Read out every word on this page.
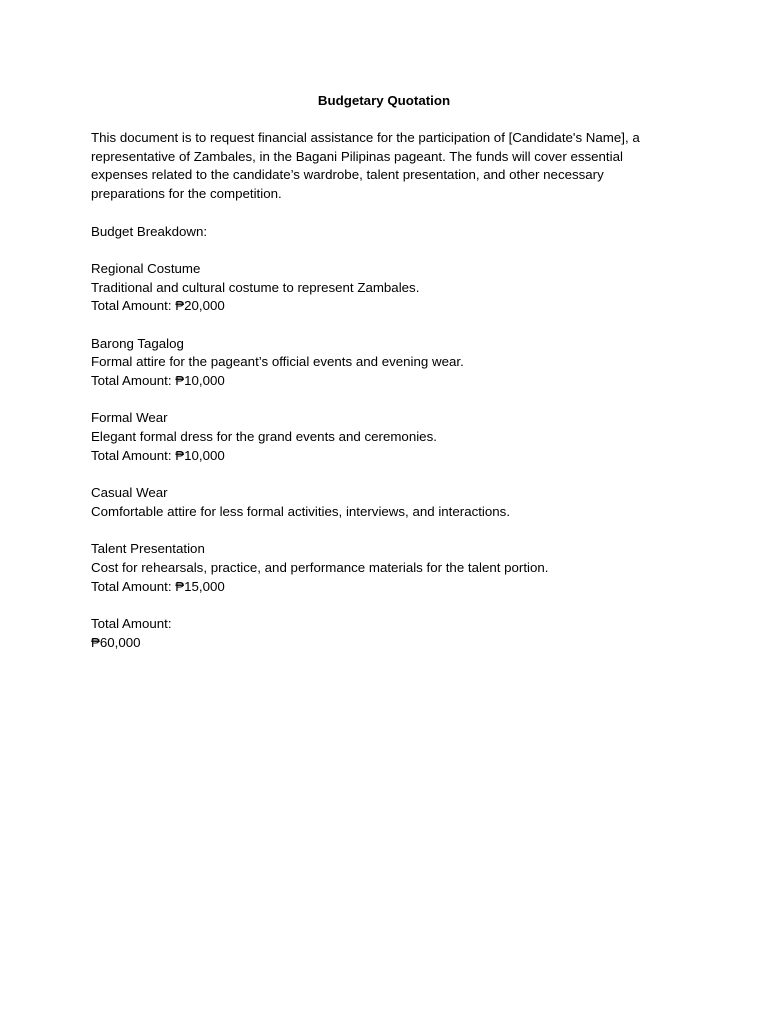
Budgetary Quotation

This document is to request financial assistance for the participation of [Candidate's Name], a
representative of Zambales, in the Bagani Pilipinas pageant. The funds will cover essential
expenses related to the candidate’s wardrobe, talent presentation, and other necessary
preparations for the competition.

Budget Breakdown:

Regional Costume
Traditional and cultural costume to represent Zambales.
Total Amount: ₱20,000
Barong Tagalog
Formal attire for the pageant’s official events and evening wear.
Total Amount: ₱10,000
Formal Wear
Elegant formal dress for the grand events and ceremonies.
Total Amount: ₱10,000
Casual Wear
Comfortable attire for less formal activities, interviews, and interactions.
Talent Presentation
Cost for rehearsals, practice, and performance materials for the talent portion.
Total Amount: ₱15,000
Total Amount:
₱60,000
